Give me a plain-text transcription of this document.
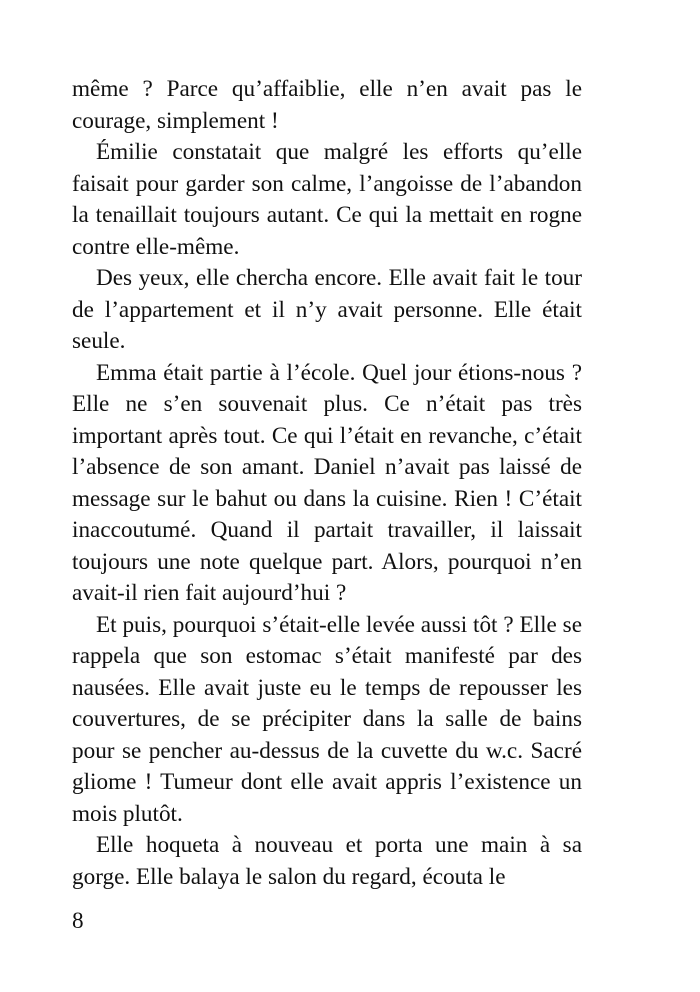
même ? Parce qu’affaiblie, elle n’en avait pas le courage, simplement !

Émilie constatait que malgré les efforts qu’elle faisait pour garder son calme, l’angoisse de l’abandon la tenaillait toujours autant. Ce qui la mettait en rogne contre elle-même.

Des yeux, elle chercha encore. Elle avait fait le tour de l’appartement et il n’y avait personne. Elle était seule.

Emma était partie à l’école. Quel jour étions-nous ? Elle ne s’en souvenait plus. Ce n’était pas très important après tout. Ce qui l’était en revanche, c’était l’absence de son amant. Daniel n’avait pas laissé de message sur le bahut ou dans la cuisine. Rien ! C’était inaccoutumé. Quand il partait travailler, il laissait toujours une note quelque part. Alors, pourquoi n’en avait-il rien fait aujourd’hui ?

Et puis, pourquoi s’était-elle levée aussi tôt ? Elle se rappela que son estomac s’était manifesté par des nausées. Elle avait juste eu le temps de repousser les couvertures, de se précipiter dans la salle de bains pour se pencher au-dessus de la cuvette du w.c. Sacré gliome ! Tumeur dont elle avait appris l’existence un mois plutôt.

Elle hoqueta à nouveau et porta une main à sa gorge. Elle balaya le salon du regard, écouta le

8
